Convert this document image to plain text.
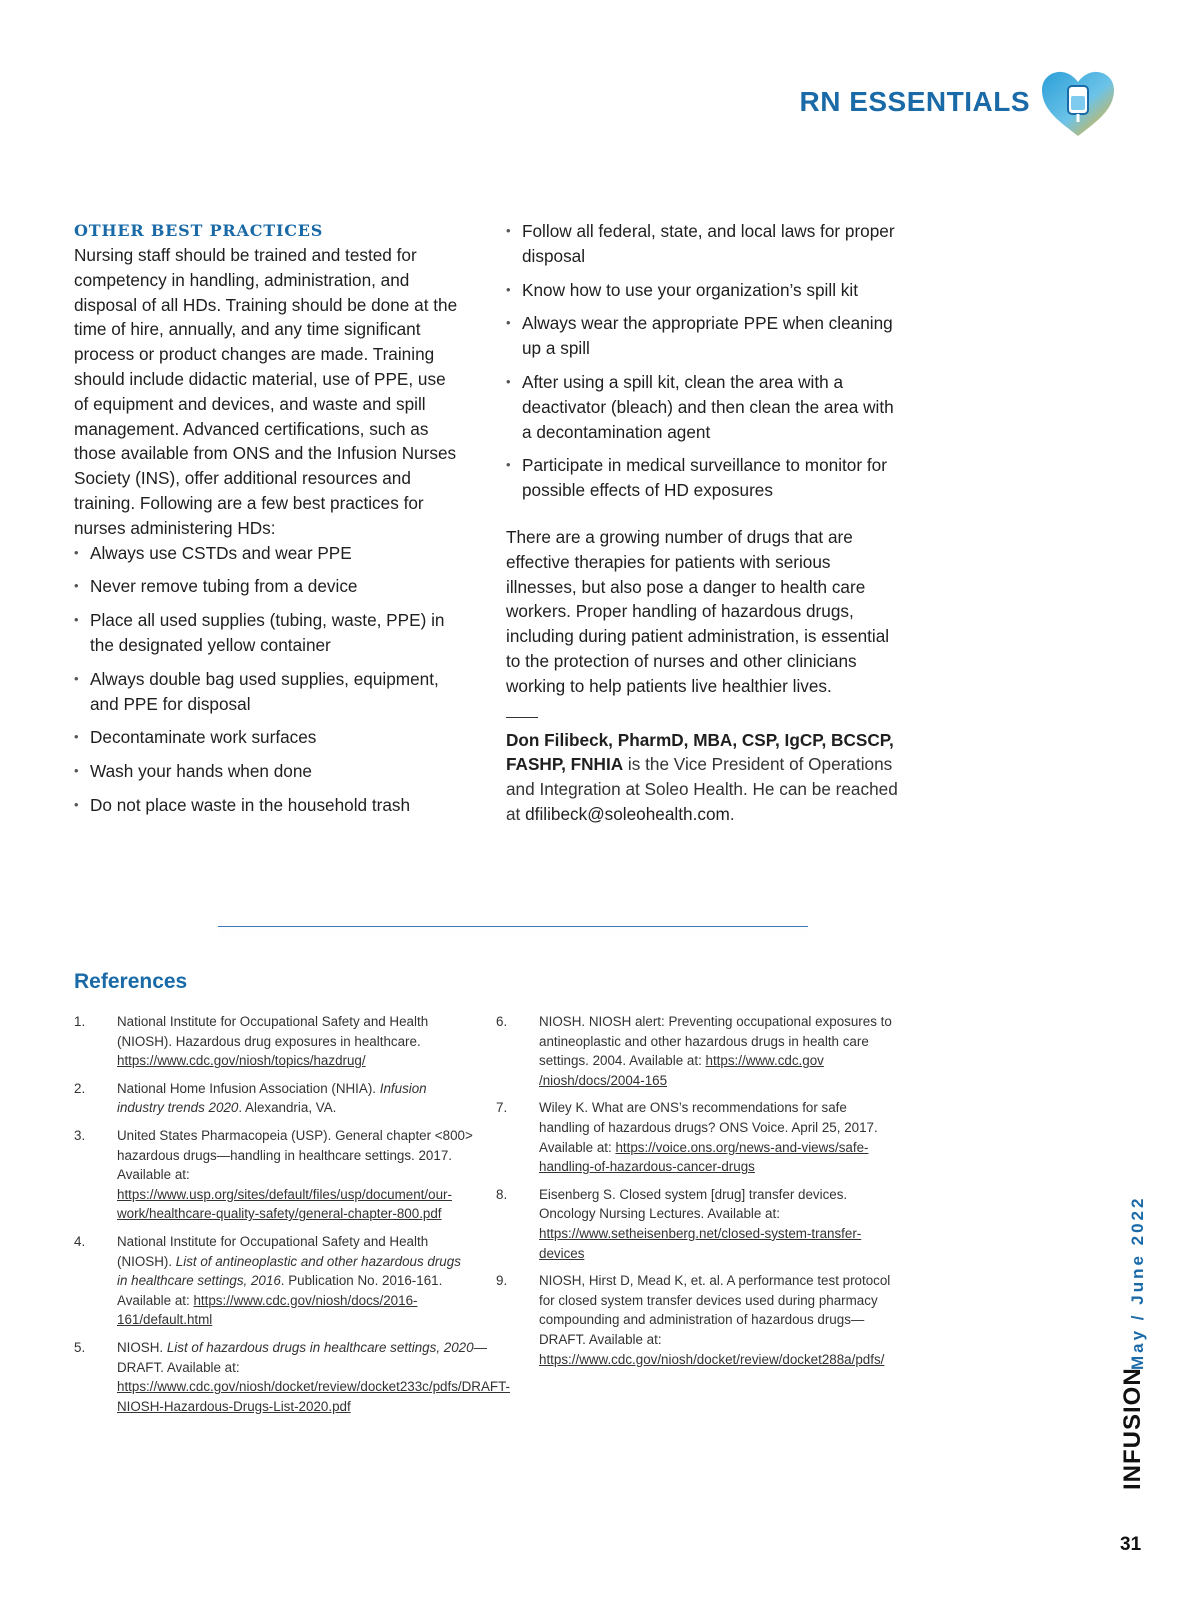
RN ESSENTIALS
OTHER BEST PRACTICES

Nursing staff should be trained and tested for competency in handling, administration, and disposal of all HDs. Training should be done at the time of hire, annually, and any time significant process or product changes are made. Training should include didactic material, use of PPE, use of equipment and devices, and waste and spill management. Advanced certifications, such as those available from ONS and the Infusion Nurses Society (INS), offer additional resources and training. Following are a few best practices for nurses administering HDs:

• Always use CSTDs and wear PPE
• Never remove tubing from a device
• Place all used supplies (tubing, waste, PPE) in the designated yellow container
• Always double bag used supplies, equipment, and PPE for disposal
• Decontaminate work surfaces
• Wash your hands when done
• Do not place waste in the household trash
• Follow all federal, state, and local laws for proper disposal
• Know how to use your organization’s spill kit
• Always wear the appropriate PPE when cleaning up a spill
• After using a spill kit, clean the area with a deactivator (bleach) and then clean the area with a decontamination agent
• Participate in medical surveillance to monitor for possible effects of HD exposures

There are a growing number of drugs that are effective therapies for patients with serious illnesses, but also pose a danger to health care workers. Proper handling of hazardous drugs, including during patient administration, is essential to the protection of nurses and other clinicians working to help patients live healthier lives.

Don Filibeck, PharmD, MBA, CSP, IgCP, BCSCP, FASHP, FNHIA is the Vice President of Operations and Integration at Soleo Health. He can be reached at dfilibeck@soleohealth.com.

References
1.	National Institute for Occupational Safety and Health (NIOSH). Hazardous drug exposures in healthcare. https://www.cdc.gov/niosh/topics/hazdrug/
2.	National Home Infusion Association (NHIA). Infusion industry trends 2020. Alexandria, VA.
3.	United States Pharmacopeia (USP). General chapter <800> hazardous drugs—handling in healthcare settings. 2017. Available at: https://www.usp.org/sites/default/files/usp/document/our-work/healthcare-quality-safety/general-chapter-800.pdf
4.	National Institute for Occupational Safety and Health (NIOSH). List of antineoplastic and other hazardous drugs in healthcare settings, 2016. Publication No. 2016-161. Available at: https://www.cdc.gov/niosh/docs/2016-161/default.html
5.	NIOSH. List of hazardous drugs in healthcare settings, 2020—DRAFT. Available at: https://www.cdc.gov/niosh/docket/review/docket233c/pdfs/DRAFT-NIOSH-Hazardous-Drugs-List-2020.pdf
6.	NIOSH. NIOSH alert: Preventing occupational exposures to antineoplastic and other hazardous drugs in health care settings. 2004. Available at: https://www.cdc.gov /niosh/docs/2004-165
7.	Wiley K. What are ONS’s recommendations for safe handling of hazardous drugs? ONS Voice. April 25, 2017. Available at: https://voice.ons.org/news-and-views/safe-handling-of-hazardous-cancer-drugs
8.	Eisenberg S. Closed system [drug] transfer devices. Oncology Nursing Lectures. Available at: https://www.setheisenberg.net/closed-system-transfer-devices
9.	NIOSH, Hirst D, Mead K, et. al. A performance test protocol for closed system transfer devices used during pharmacy compounding and administration of hazardous drugs—DRAFT. Available at: https://www.cdc.gov/niosh/docket/review/docket288a/pdfs/	May / June 2022
INFUSION
31
